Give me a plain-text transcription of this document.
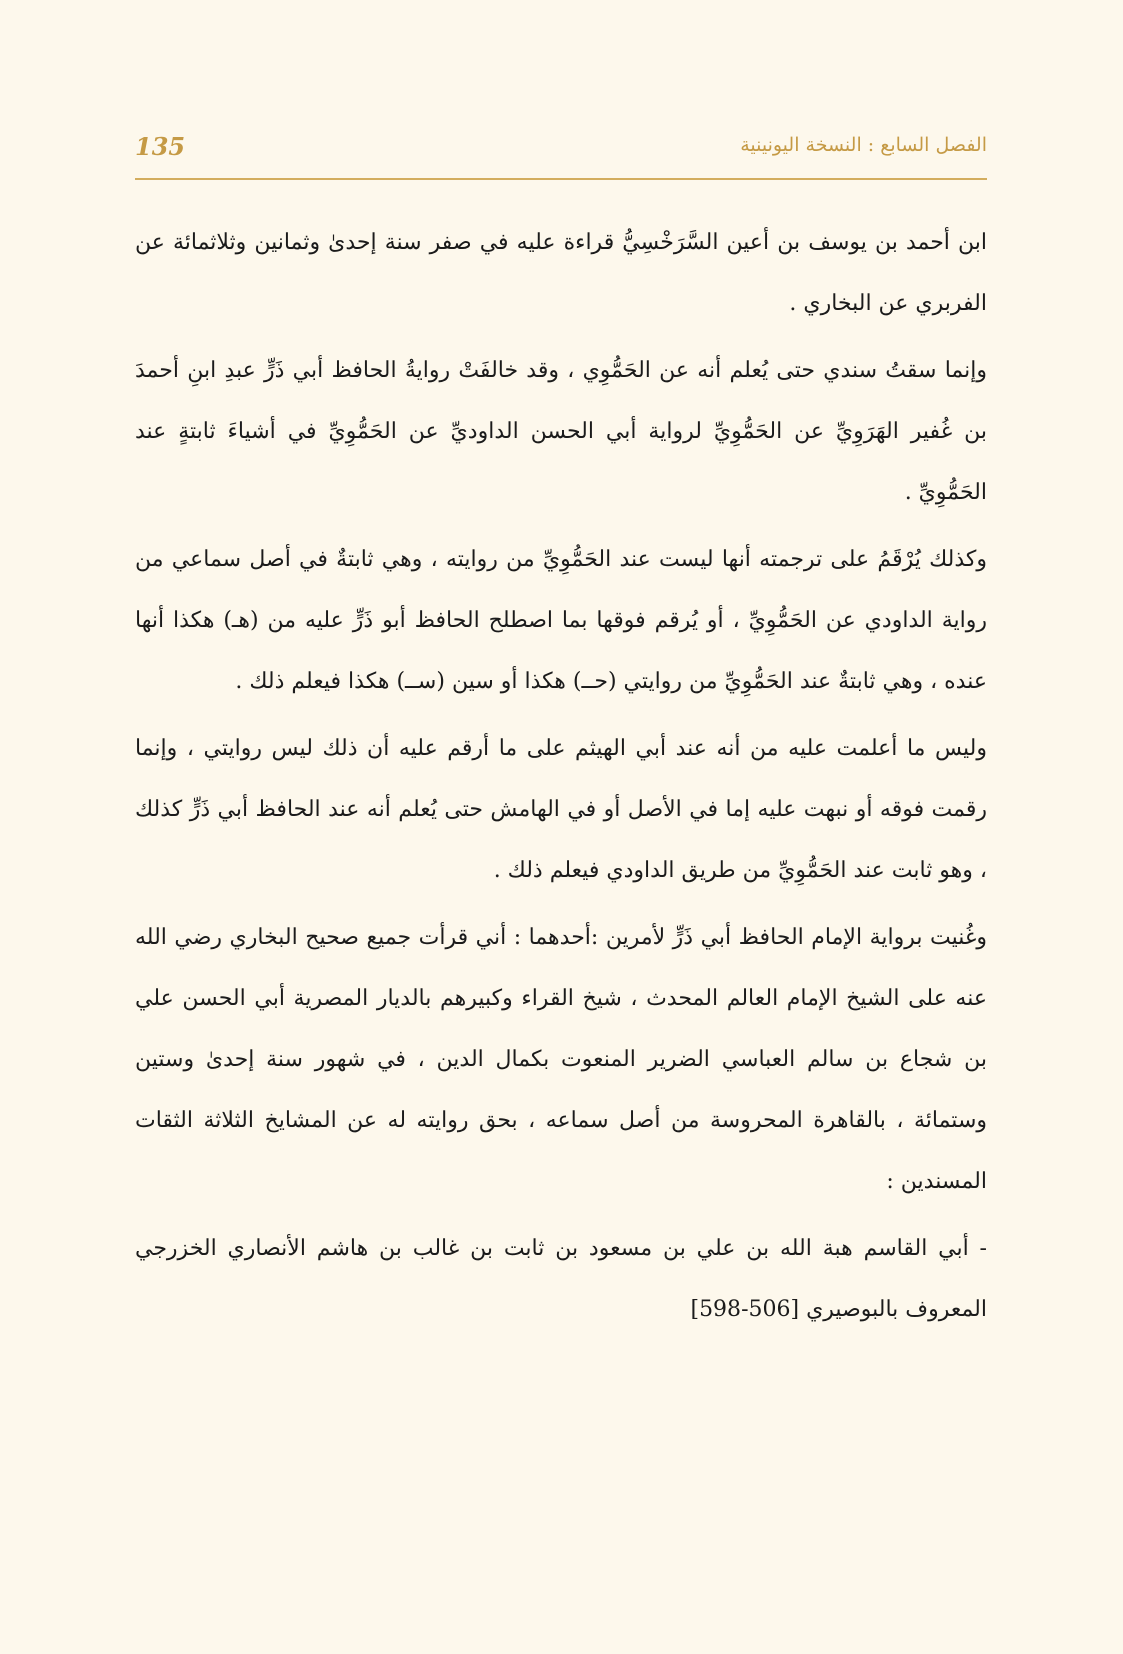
الفصل السابع : النسخة اليونينية
135

ابن أحمد بن يوسف بن أعين السَّرَخْسِيُّ قراءة عليه في صفر سنة إحدىٰ وثمانين وثلاثمائة عن الفربري عن البخاري .

وإنما سقتُ سندي حتى يُعلم أنه عن الحَمُّوِي ، وقد خالفَتْ روايةُ الحافظ أبي ذَرٍّ عبدِ ابنِ أحمدَ بن غُفير الهَرَوِيِّ عن الحَمُّوِيِّ لرواية أبي الحسن الداوديِّ عن الحَمُّوِيِّ في أشياءَ ثابتةٍ عند الحَمُّوِيِّ .

وكذلك يُرْقَمُ على ترجمته أنها ليست عند الحَمُّوِيِّ من روايته ، وهي ثابتةٌ في أصل سماعي من رواية الداودي عن الحَمُّوِيِّ ، أو يُرقم فوقها بما اصطلح الحافظ أبو ذَرٍّ عليه من (هـ) هكذا أنها عنده ، وهي ثابتةٌ عند الحَمُّوِيِّ من روايتي (حــ) هكذا أو سين (ســ) هكذا فيعلم ذلك .

وليس ما أعلمت عليه من أنه عند أبي الهيثم على ما أرقم عليه أن ذلك ليس روايتي ، وإنما رقمت فوقه أو نبهت عليه إما في الأصل أو في الهامش حتى يُعلم أنه عند الحافظ أبي ذَرٍّ كذلك ، وهو ثابت عند الحَمُّوِيِّ من طريق الداودي فيعلم ذلك .

وغُنيت برواية الإمام الحافظ أبي ذَرٍّ لأمرين :أحدهما : أني قرأت جميع صحيح البخاري رضي الله عنه على الشيخ الإمام العالم المحدث ، شيخ القراء وكبيرهم بالديار المصرية أبي الحسن علي بن شجاع بن سالم العباسي الضرير المنعوت بكمال الدين ، في شهور سنة إحدىٰ وستين وستمائة ، بالقاهرة المحروسة من أصل سماعه ، بحق روايته له عن المشايخ الثلاثة الثقات المسندين :

- أبي القاسم هبة الله بن علي بن مسعود بن ثابت بن غالب بن هاشم الأنصاري الخزرجي المعروف بالبوصيري [506-598]
